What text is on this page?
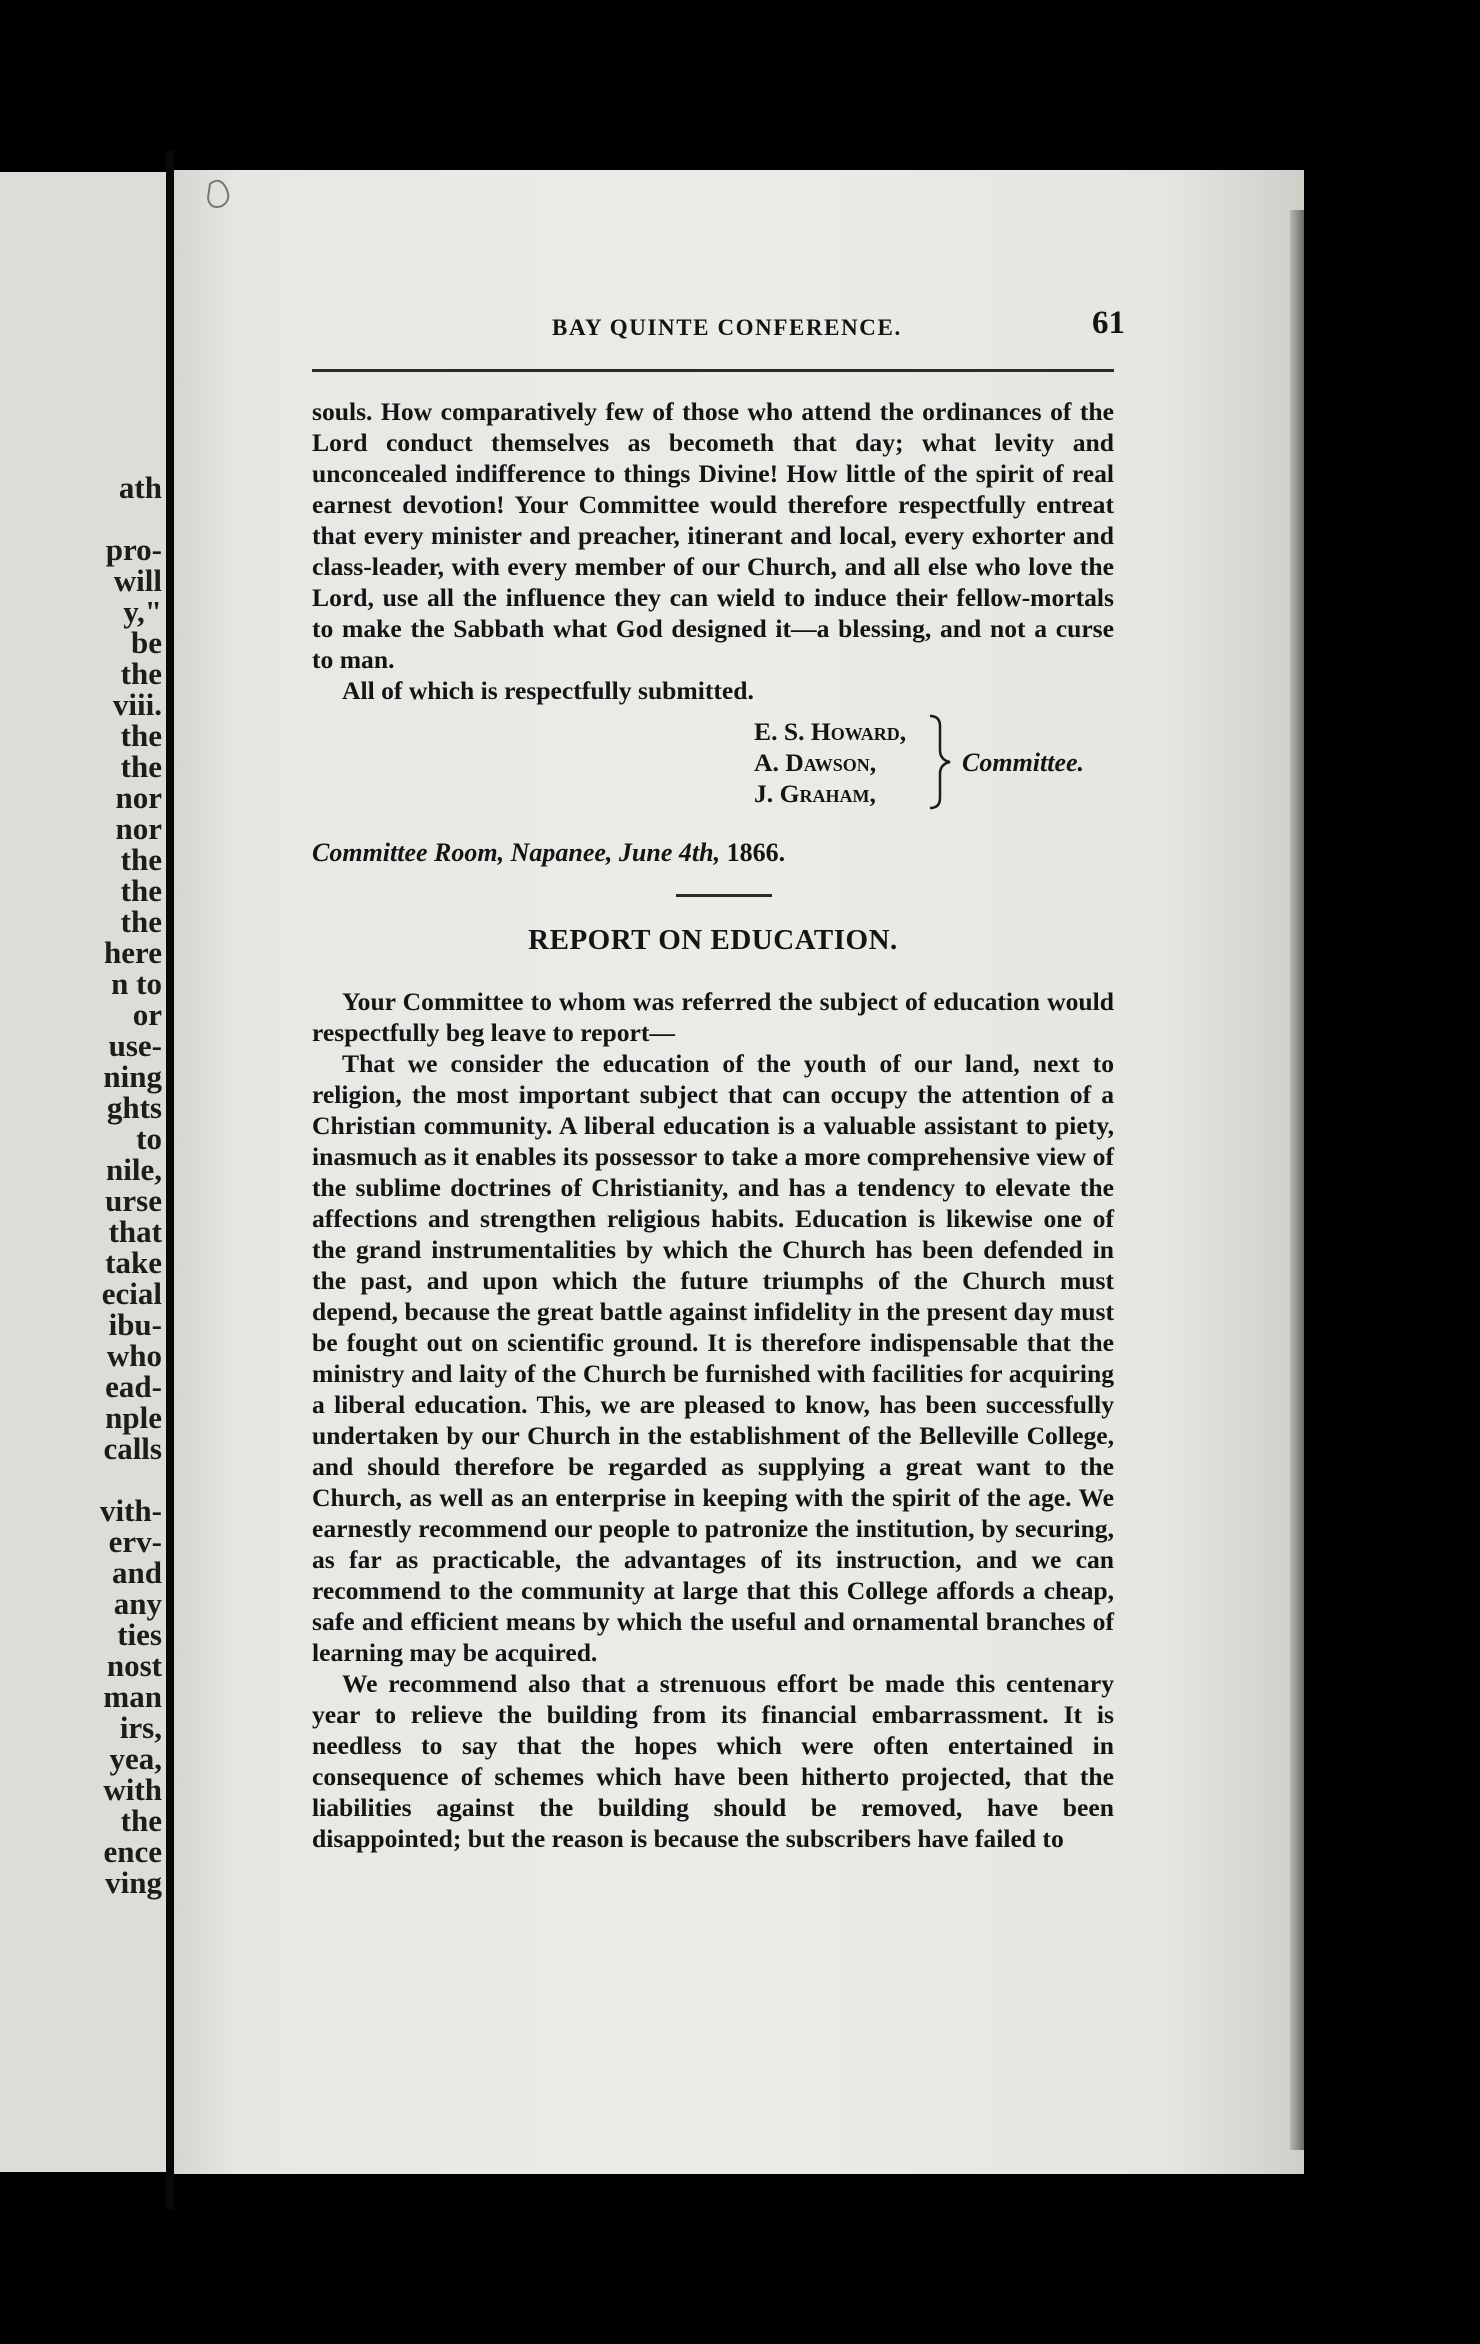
ath
pro-
will
y,"
be
the
viii.
the
the
nor
nor
the
the
the
here
n to
or
use-
ning
ghts
to
nile,
urse
that
take
ecial
ibu-
who
ead-
nple
calls
vith-
erv-
and
any
ties
nost
man
irs,
yea,
with
the
ence
ving
BAY QUINTE CONFERENCE.	61

souls. How comparatively few of those who attend the ordinances of the Lord conduct themselves as becometh that day; what levity and unconcealed indifference to things Divine! How little of the spirit of real earnest devotion! Your Committee would therefore respectfully entreat that every minister and preacher, itinerant and local, every exhorter and class-leader, with every member of our Church, and all else who love the Lord, use all the influence they can wield to induce their fellow-mortals to make the Sabbath what God designed it—a blessing, and not a curse to man.

All of which is respectfully submitted.

E. S. Howard,
A. Dawson,
J. Graham,
Committee.
Committee Room, Napanee, June 4th, 1866.
REPORT ON EDUCATION.

Your Committee to whom was referred the subject of education would respectfully beg leave to report—

That we consider the education of the youth of our land, next to religion, the most important subject that can occupy the attention of a Christian community. A liberal education is a valuable assistant to piety, inasmuch as it enables its possessor to take a more comprehensive view of the sublime doctrines of Christianity, and has a tendency to elevate the affections and strengthen religious habits. Education is likewise one of the grand instrumentalities by which the Church has been defended in the past, and upon which the future triumphs of the Church must depend, because the great battle against infidelity in the present day must be fought out on scientific ground. It is therefore indispensable that the ministry and laity of the Church be furnished with facilities for acquiring a liberal education. This, we are pleased to know, has been successfully undertaken by our Church in the establishment of the Belleville College, and should therefore be regarded as supplying a great want to the Church, as well as an enterprise in keeping with the spirit of the age. We earnestly recommend our people to patronize the institution, by securing, as far as practicable, the advantages of its instruction, and we can recommend to the community at large that this College affords a cheap, safe and efficient means by which the useful and ornamental branches of learning may be acquired.

We recommend also that a strenuous effort be made this centenary year to relieve the building from its financial embarrassment. It is needless to say that the hopes which were often entertained in consequence of schemes which have been hitherto projected, that the liabilities against the building should be removed, have been disappointed; but the reason is because the subscribers have failed to
